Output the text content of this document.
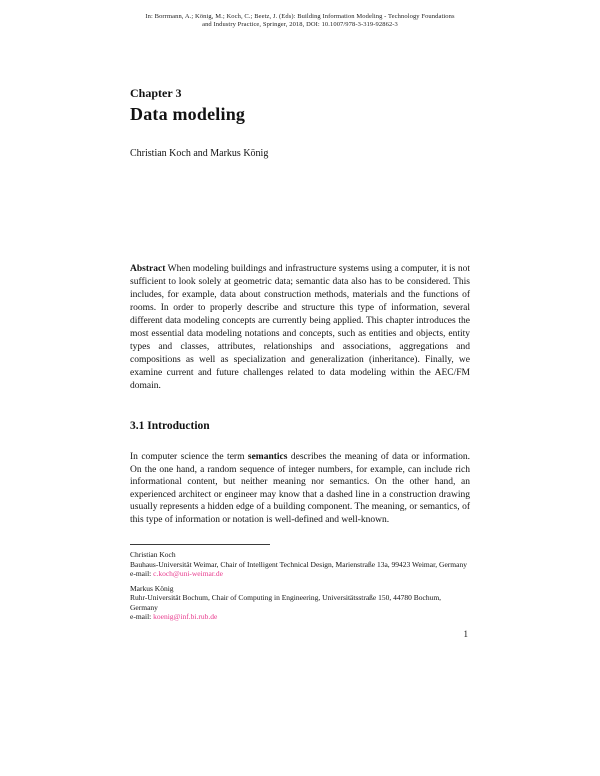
In: Borrmann, A.; König, M.; Koch, C.; Beetz, J. (Eds): Building Information Modeling - Technology Foundations
and Industry Practice, Springer, 2018, DOI: 10.1007/978-3-319-92862-3
Chapter 3
Data modeling
Christian Koch and Markus König

Abstract When modeling buildings and infrastructure systems using a computer, it is not sufficient to look solely at geometric data; semantic data also has to be considered. This includes, for example, data about construction methods, materials and the functions of rooms. In order to properly describe and structure this type of information, several different data modeling concepts are currently being applied. This chapter introduces the most essential data modeling notations and concepts, such as entities and objects, entity types and classes, attributes, relationships and associations, aggregations and compositions as well as specialization and generalization (inheritance). Finally, we examine current and future challenges related to data modeling within the AEC/FM domain.

3.1 Introduction

In computer science the term semantics describes the meaning of data or information. On the one hand, a random sequence of integer numbers, for example, can include rich informational content, but neither meaning nor semantics. On the other hand, an experienced architect or engineer may know that a dashed line in a construction drawing usually represents a hidden edge of a building component. The meaning, or semantics, of this type of information or notation is well-defined and well-known.

Christian Koch
Bauhaus-Universität Weimar, Chair of Intelligent Technical Design, Marienstraße 13a, 99423 Weimar, Germany
e-mail: c.koch@uni-weimar.de
Markus König
Ruhr-Universität Bochum, Chair of Computing in Engineering, Universitätsstraße 150, 44780 Bochum, Germany
e-mail: koenig@inf.bi.rub.de
1
